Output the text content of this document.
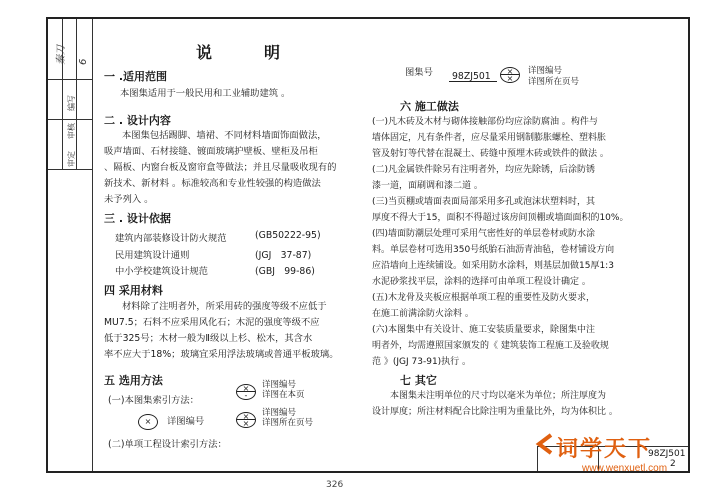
秦刀 6
编写
审核
审定
98ZJ501
2
说　明
一 .适用范围

本图集适用于一般民用和工业辅助建筑 。

二 . 设计内容
本图集包括踢脚、墙裙、不同材料墙面饰面做法，
吸声墙面、石材接缝、镀面玻璃护壁板、壁柜及吊柜
、隔板、内窗台板及窗帘盒等做法；并且尽量吸收现有的
新技术、新材料 。标准较高和专业性较强的构造做法
未予列入 。
三 . 设计依据
建筑内部装修设计防火规范	(GB50222-95)
民用建筑设计通则	(JGJ　37-87)
中小学校建筑设计规范	(GBJ　99-86)
四 采用材料
材料除了注明者外，所采用砖的强度等级不应低于
MU7.5；石料不应采用风化石；木泥的强度等级不应
低于325号；木材一般为Ⅱ级以上杉、松木，其含水
率不应大于18%；玻璃宜采用浮法玻璃或普通平板玻璃。
五 选用方法
(一)本图集索引方法：
×
-
详图编号
详图在本页
× 详图编号	×
×
详图编号
详图所在页号
(二)单项工程设计索引方法：
图集号 98ZJ501	×
×
详图编号
详图所在页号
六 施工做法
(一)凡木砖及木材与砌体接触部份均应涂防腐油 。构件与
墙体固定，凡有条件者，应尽量采用钢制膨胀螺栓、塑料胀
管及射钉等代替在混凝土、砖缝中预埋木砖或铁件的做法 。
(二)凡金属铁件除另有注明者外，均应先除锈，后涂防锈
漆一道，面刷调和漆二道 。
(三)当页棚或墙面表面局部采用多孔或泡沫状塑料时，其
厚度不得大于15，面积不得超过该房间顶棚或墙面面积的10%。
(四)墙面防潮层处理可采用气密性好的单层卷材或防水涂
料。单层卷材可选用350号纸胎石油沥青油毡，卷材铺设方向
应沿墙向上连续铺设。如采用防水涂料，则基层加做15厚1:3
水泥砂浆找平层，涂料的选择可由单项工程设计确定 。
(五)木龙骨及夹板应根据单项工程的重要性及防火要求，
在施工前满涂防火涂料 。
(六)本图集中有关设计、施工安装质量要求，除图集中注
明者外，均需遵照国家颁发的《 建筑装饰工程施工及验收规
范 》(JGJ 73-91)执行 。
七 其它
本图集未注明单位的尺寸均以毫米为单位；所注厚度为
设计厚度；所注材料配合比除注明为重量比外，均为体积比 。
词学天下
www.wenxuetl.com
326
